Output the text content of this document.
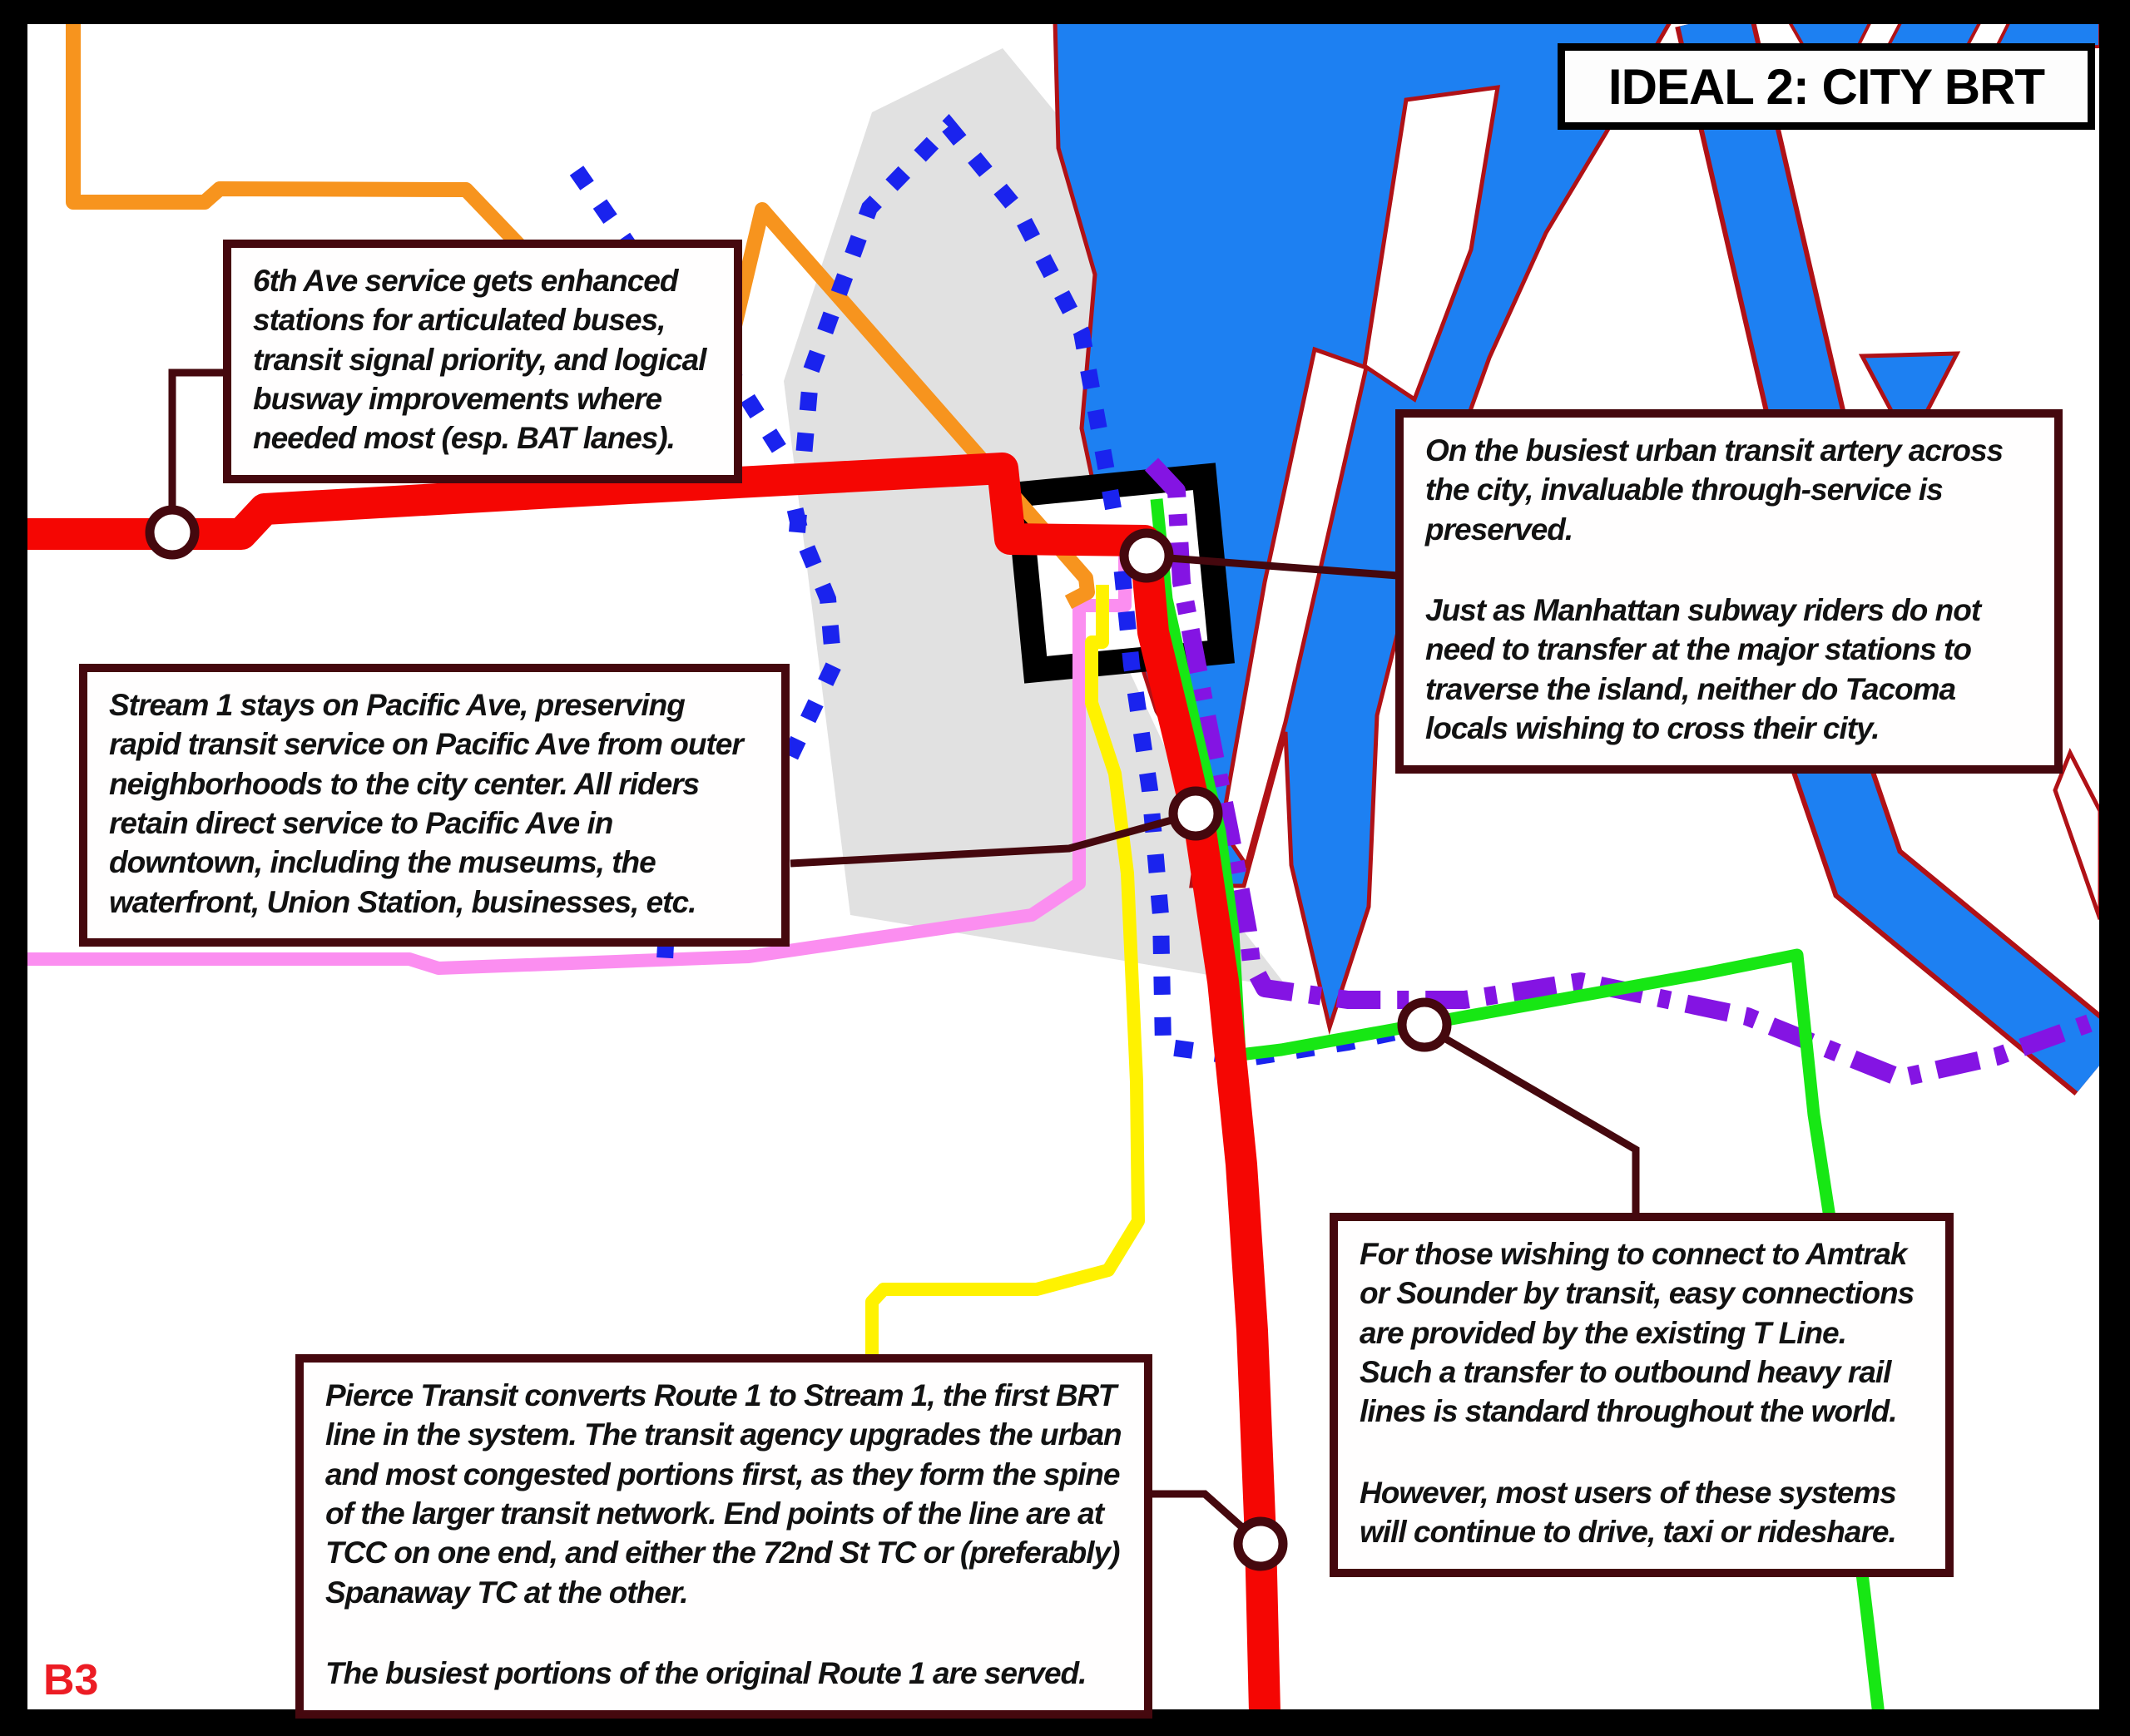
IDEAL 2: CITY BRT

6th Ave service gets enhanced stations for articulated buses, transit signal priority, and logical busway improvements where needed most (esp. BAT lanes).

Stream 1 stays on Pacific Ave, preserving rapid transit service on Pacific Ave from outer neighborhoods to the city center. All riders retain direct service to Pacific Ave in downtown, including the museums, the waterfront, Union Station, businesses, etc.

On the busiest urban transit artery across the city, invaluable through-service is preserved.

Just as Manhattan subway riders do not need to transfer at the major stations to traverse the island, neither do Tacoma locals wishing to cross their city.

Pierce Transit converts Route 1 to Stream 1, the first BRT line in the system. The transit agency upgrades the urban and most congested portions first, as they form the spine of the larger transit network. End points of the line are at TCC on one end, and either the 72nd St TC or (preferably) Spanaway TC at the other.

The busiest portions of the original Route 1 are served.

For those wishing to connect to Amtrak or Sounder by transit, easy connections are provided by the existing T Line. Such a transfer to outbound heavy rail lines is standard throughout the world.

However, most users of these systems will continue to drive, taxi or rideshare.

B3
